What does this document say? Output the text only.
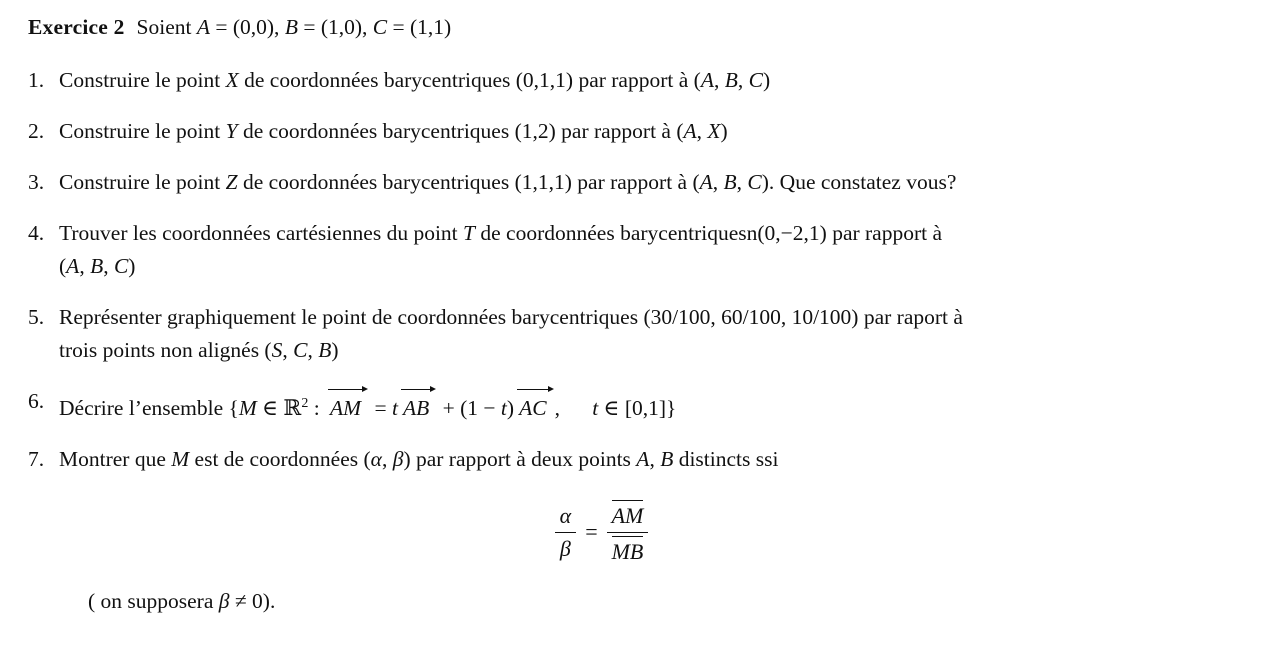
Exercice 2 Soient A = (0,0), B = (1,0), C = (1,1)

1. Construire le point X de coordonnées barycentriques (0,1,1) par rapport à (A, B, C)
2. Construire le point Y de coordonnées barycentriques (1,2) par rapport à (A, X)
3. Construire le point Z de coordonnées barycentriques (1,1,1) par rapport à (A, B, C). Que constatez vous?
4. Trouver les coordonnées cartésiennes du point T de coordonnées barycentriquesn(0,−2,1) par rapport à
(A, B, C)
5. Représenter graphiquement le point de coordonnées barycentriques (30/100, 60/100, 10/100) par raport à
trois points non alignés (S, C, B)
6. Décrire l’ensemble {M ∈ ℝ$^2$ : AM = t AB + (1 − t) AC ,  t ∈ [0,1]}
7. Montrer que M est de coordonnées (α, β) par rapport à deux points A, B distincts ssi
$\frac{\alpha}{\beta} = \frac{AM}{MB}$

( on supposera β ≠ 0).
